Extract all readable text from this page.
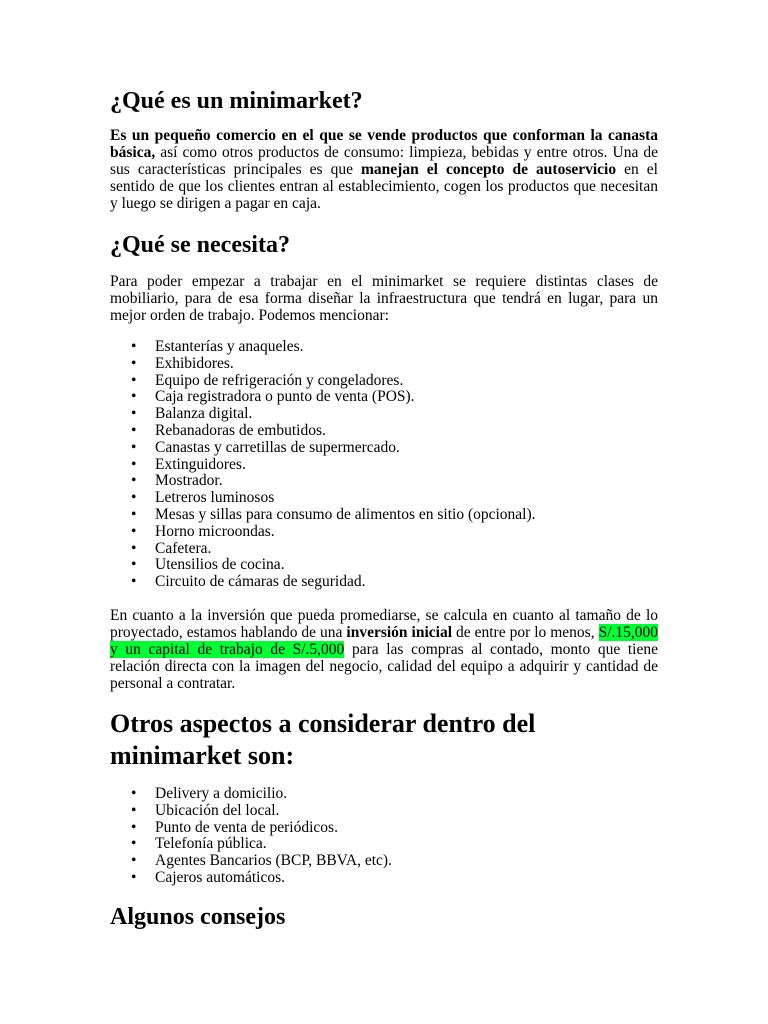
¿Qué es un minimarket?

Es un pequeño comercio en el que se vende productos que conforman la canasta básica, así como otros productos de consumo: limpieza, bebidas y entre otros. Una de sus características principales es que manejan el concepto de autoservicio en el sentido de que los clientes entran al establecimiento, cogen los productos que necesitan y luego se dirigen a pagar en caja.

¿Qué se necesita?

Para poder empezar a trabajar en el minimarket se requiere distintas clases de mobiliario, para de esa forma diseñar la infraestructura que tendrá en lugar, para un mejor orden de trabajo. Podemos mencionar:

• Estanterías y anaqueles.
• Exhibidores.
• Equipo de refrigeración y congeladores.
• Caja registradora o punto de venta (POS).
• Balanza digital.
• Rebanadoras de embutidos.
• Canastas y carretillas de supermercado.
• Extinguidores.
• Mostrador.
• Letreros luminosos
• Mesas y sillas para consumo de alimentos en sitio (opcional).
• Horno microondas.
• Cafetera.
• Utensilios de cocina.
• Circuito de cámaras de seguridad.

En cuanto a la inversión que pueda promediarse, se calcula en cuanto al tamaño de lo proyectado, estamos hablando de una inversión inicial de entre por lo menos, S/.15,000 y un capital de trabajo de S/.5,000 para las compras al contado, monto que tiene relación directa con la imagen del negocio, calidad del equipo a adquirir y cantidad de personal a contratar.

Otros aspectos a considerar dentro del minimarket son:
• Delivery a domicilio.
• Ubicación del local.
• Punto de venta de periódicos.
• Telefonía pública.
• Agentes Bancarios (BCP, BBVA, etc).
• Cajeros automáticos.
Algunos consejos
